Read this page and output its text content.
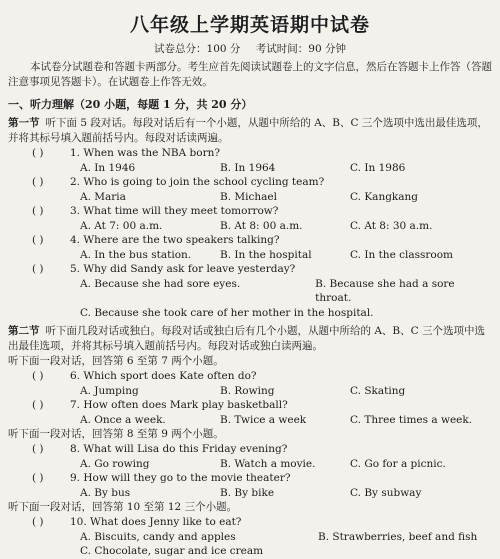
八年级上学期英语期中试卷
试卷总分：100 分 考试时间：90 分钟
本试卷分试题卷和答题卡两部分。考生应首先阅读试题卷上的文字信息，然后在答题卡上作答（答题注意事项见答题卡）。在试题卷上作答无效。
一、听力理解（20 小题，每题 1 分，共 20 分）
第一节 听下面 5 段对话。每段对话后有一个小题，从题中所给的 A、B、C 三个选项中选出最佳选项，并将其标号填入题前括号内。每段对话读两遍。
( )	1. When was the NBA born?
A. In 1946	B. In 1964	C. In 1986
( )	2. Who is going to join the school cycling team?
A. Maria	B. Michael	C. Kangkang
( )	3. What time will they meet tomorrow?
A. At 7: 00 a.m.	B. At 8: 00 a.m.	C. At 8: 30 a.m.
( )	4. Where are the two speakers talking?
A. In the bus station.	B. In the hospital	C. In the classroom
( )	5. Why did Sandy ask for leave yesterday?
A. Because she had sore eyes.	B. Because she had a sore throat.
C. Because she took care of her mother in the hospital.
第二节 听下面几段对话或独白。每段对话或独白后有几个小题，从题中所给的 A、B、C 三个选项中选出最佳选项，并将其标号填入题前括号内。每段对话或独白读两遍。
听下面一段对话，回答第 6 至第 7 两个小题。
( )	6. Which sport does Kate often do?
A. Jumping	B. Rowing	C. Skating
( )	7. How often does Mark play basketball?
A. Once a week.	B. Twice a week	C. Three times a week.
听下面一段对话，回答第 8 至第 9 两个小题。
( )	8. What will Lisa do this Friday evening?
A. Go rowing	B. Watch a movie.	C. Go for a picnic.
( )	9. How will they go to the movie theater?
A. By bus	B. By bike	C. By subway
听下面一段对话，回答第 10 至第 12 三个小题。
( )	10. What does Jenny like to eat?
A. Biscuits, candy and apples	B. Strawberries, beef and fish
C. Chocolate, sugar and ice cream
